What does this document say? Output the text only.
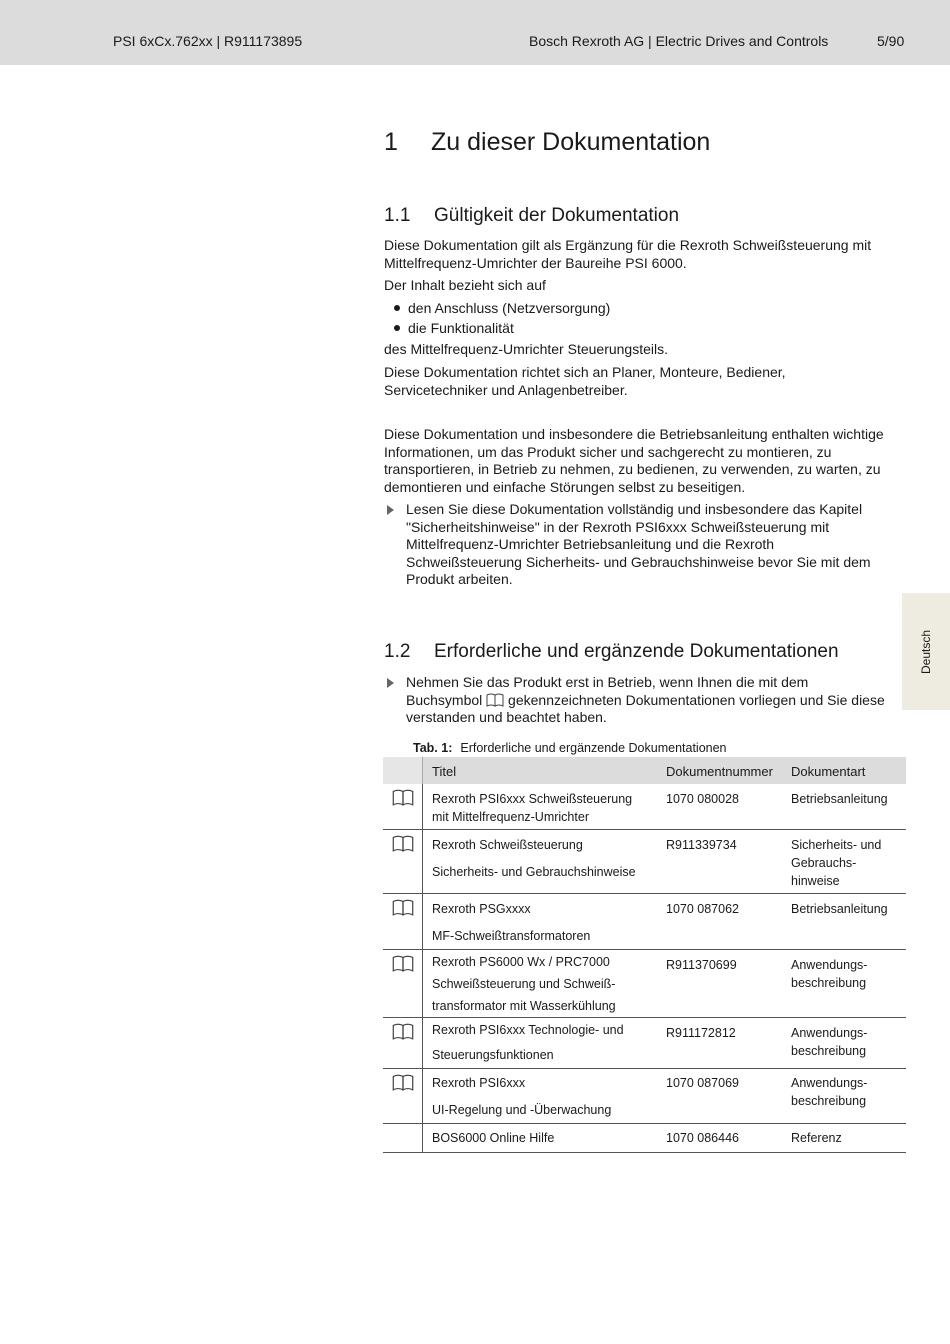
PSI 6xCx.762xx | R911173895	Bosch Rexroth AG | Electric Drives and Controls	5/90
1 Zu dieser Dokumentation
1.1 Gültigkeit der Dokumentation
Diese Dokumentation gilt als Ergänzung für die Rexroth Schweißsteuerung mit
Mittelfrequenz-Umrichter der Baureihe PSI 6000.
Der Inhalt bezieht sich auf
den Anschluss (Netzversorgung)
die Funktionalität
des Mittelfrequenz-Umrichter Steuerungsteils.
Diese Dokumentation richtet sich an Planer, Monteure, Bediener,
Servicetechniker und Anlagenbetreiber.
Diese Dokumentation und insbesondere die Betriebsanleitung enthalten wichtige
Informationen, um das Produkt sicher und sachgerecht zu montieren, zu
transportieren, in Betrieb zu nehmen, zu bedienen, zu verwenden, zu warten, zu
demontieren und einfache Störungen selbst zu beseitigen.
Lesen Sie diese Dokumentation vollständig und insbesondere das Kapitel
"Sicherheitshinweise" in der Rexroth PSI6xxx Schweißsteuerung mit
Mittelfrequenz-Umrichter Betriebsanleitung und die Rexroth
Schweißsteuerung Sicherheits- und Gebrauchshinweise bevor Sie mit dem
Produkt arbeiten.
Deutsch
1.2 Erforderliche und ergänzende Dokumentationen
Nehmen Sie das Produkt erst in Betrieb, wenn Ihnen die mit dem
Buchsymbol gekennzeichneten Dokumentationen vorliegen und Sie diese
verstanden und beachtet haben.
Tab. 1: Erforderliche und ergänzende Dokumentationen
Titel	Dokumentnummer Dokumentart
Rexroth PSI6xxx Schweißsteuerung
mit Mittelfrequenz-Umrichter
1070 080028	Betriebsanleitung
Rexroth Schweißsteuerung
Sicherheits- und Gebrauchshinweise
R911339734	Sicherheits- und
Gebrauchs-
hinweise
Rexroth PSGxxxx
MF-Schweißtransformatoren
1070 087062	Betriebsanleitung
Rexroth PS6000 Wx / PRC7000
Schweißsteuerung und Schweiß-
transformator mit Wasserkühlung
R911370699	Anwendungs-
beschreibung
Rexroth PSI6xxx Technologie- und
Steuerungsfunktionen
R911172812	Anwendungs-
beschreibung
Rexroth PSI6xxx
UI-Regelung und -Überwachung
1070 087069	Anwendungs-
beschreibung
BOS6000 Online Hilfe	1070 086446	Referenz
